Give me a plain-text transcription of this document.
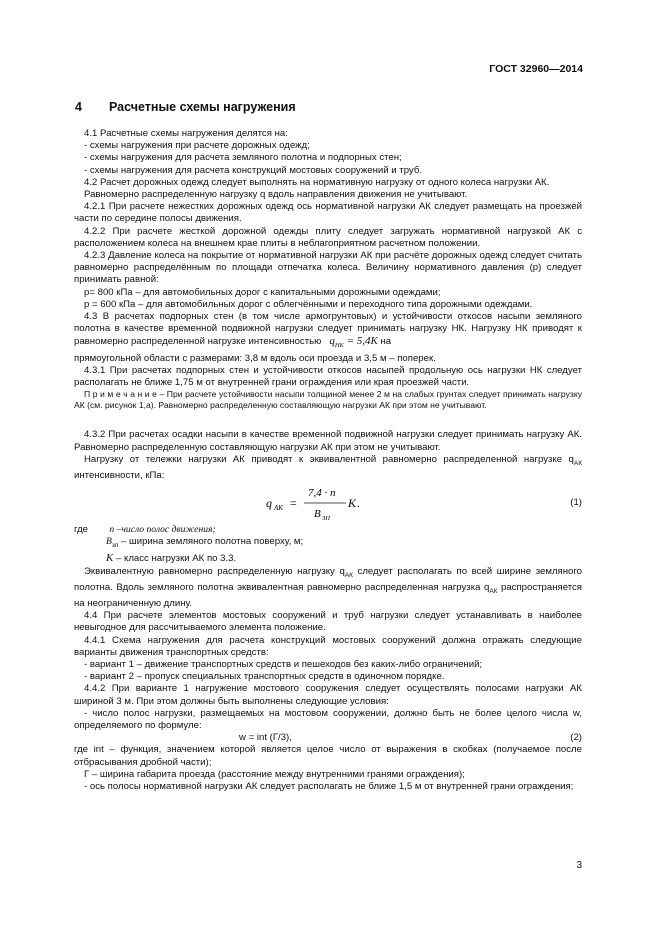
ГОСТ 32960—2014
4 Расчетные схемы нагружения

4.1 Расчетные схемы нагружения делятся на:

- схемы нагружения при расчете дорожных одежд;

- схемы нагружения для расчета земляного полотна и подпорных стен;

- схемы нагружения для расчета конструкций мостовых сооружений и труб.

4.2 Расчет дорожных одежд следует выполнять на нормативную нагрузку от одного колеса нагрузки АК.

Равномерно распределенную нагрузку q вдоль направления движения не учитывают.

4.2.1 При расчете нежестких дорожных одежд ось нормативной нагрузки АК следует размещать на проезжей части по середине полосы движения.

4.2.2 При расчете жесткой дорожной одежды плиту следует загружать нормативной нагрузкой АК с расположением колеса на внешнем крае плиты в неблагоприятном расчетном положении.

4.2.3 Давление колеса на покрытие от нормативной нагрузки АК при расчёте дорожных одежд следует считать равномерно распределённым по площади отпечатка колеса. Величину нормативного давления (р) следует принимать равной:

р= 800 кПа – для автомобильных дорог с капитальными дорожными одеждами;

р = 600 кПа – для автомобильных дорог с облегчёнными и переходного типа дорожными одеждами.

4.3 В расчетах подпорных стен (в том числе армогрунтовых) и устойчивости откосов насыпи земляного полотна в качестве временной подвижной нагрузки следует принимать нагрузку НК. Нагрузку НК приводят к равномерно распределенной нагрузке интенсивностью $q_{НК} = 5,4K$ на

прямоугольной области с размерами: 3,8 м вдоль оси проезда и 3,5 м – поперек.

4.3.1 При расчетах подпорных стен и устойчивости откосов насыпей продольную ось нагрузки НК следует располагать не ближе 1,75 м от внутренней грани ограждения или края проезжей части.

П р и м е ч а н и е – При расчете устойчивости насыпи толщиной менее 2 м на слабых грунтах следует принимать нагрузку АК (см. рисунок 1,а). Равномерно распределенную составляющую нагрузки АК при этом не учитывают.

4.3.2 При расчетах осадки насыпи в качестве временной подвижной нагрузки следует принимать нагрузку АК. Равномерно распределенную составляющую нагрузки АК при этом не учитывают.

Нагрузку от тележки нагрузки АК приводят к эквивалентной равномерно распределенной нагрузке $q_{АК}$ интенсивности, кПа:

q АК =
7,4 · n
B ЗП
K .	(1)

где n –число полос движения;

$B_{зп}$ – ширина земляного полотна поверху, м;

K – класс нагрузки АК по 3.3.

Эквивалентную равномерно распределенную нагрузку $q_{АК}$ следует располагать по всей ширине земляного полотна. Вдоль земляного полотна эквивалентная равномерно распределенная нагрузка $q_{АК}$ распространяется на неограниченную длину.

4.4 При расчете элементов мостовых сооружений и труб нагрузки следует устанавливать в наиболее невыгодное для рассчитываемого элемента положение.

4.4.1 Схема нагружения для расчета конструкций мостовых сооружений должна отражать следующие варианты движения транспортных средств:

- вариант 1 – движение транспортных средств и пешеходов без каких-либо ограничений;

- вариант 2 – пропуск специальных транспортных средств в одиночном порядке.

4.4.2 При варианте 1 нагружение мостового сооружения следует осуществлять полосами нагрузки АК шириной 3 м. При этом должны быть выполнены следующие условия:

- число полос нагрузки, размещаемых на мостовом сооружении, должно быть не более целого числа w, определяемого по формуле:

w = int (Г/3),	(2)

где int – функция, значением которой является целое число от выражения в скобках (получаемое после отбрасывания дробной части);

Г – ширина габарита проезда (расстояние между внутренними гранями ограждения);

- ось полосы нормативной нагрузки АК следует располагать не ближе 1,5 м от внутренней грани ограждения;

3
